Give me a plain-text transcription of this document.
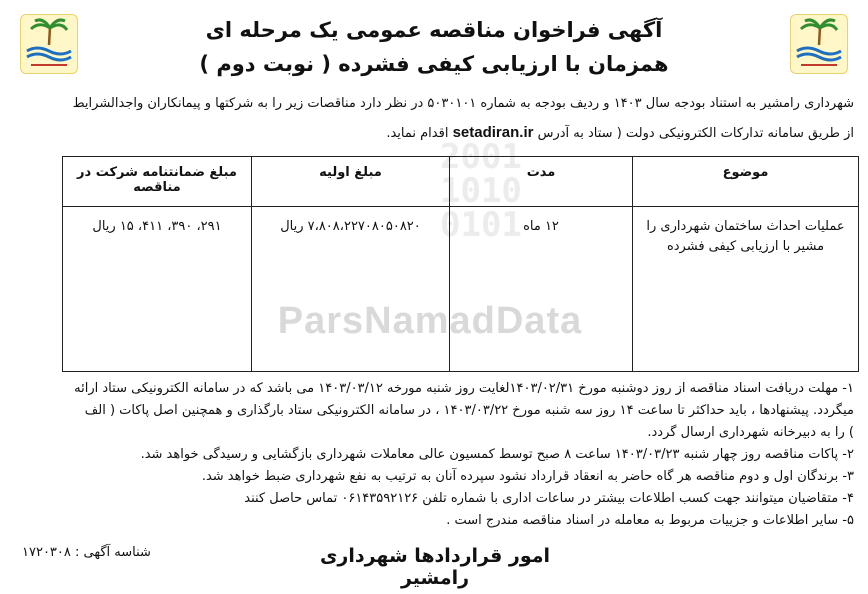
2001
1010
0101
ParsNamadData
آگهی فراخوان مناقصه عمومی یک مرحله ای
همزمان با ارزیابی کیفی فشرده ( نوبت دوم )
شهرداری رامشیر به استناد بودجه سال ۱۴۰۳ و ردیف بودجه به شماره ۵۰۳۰۱۰۱ در نظر دارد مناقصات زیر را به شرکتها و پیمانکاران واجدالشرایط
از طریق سامانه تدارکات الکترونیکی دولت ( ستاد به آدرس setadiran.ir اقدام نماید.
موضوع	مدت	مبلغ اولیه	مبلغ ضمانتنامه شرکت در مناقصه
عملیات احداث ساختمان شهرداری را مشیر با ارزیابی کیفی فشرده	۱۲ ماه	۷،۸۰۸،۲۲۷۰۸۰۵۰۸۲۰ ریال	۲۹۱، ۳۹۰، ۴۱۱، ۱۵ ریال
۱- مهلت دریافت اسناد مناقصه از روز دوشنبه مورخ ۱۴۰۳/۰۲/۳۱لغایت روز شنبه مورخه ۱۴۰۳/۰۳/۱۲ می باشد که در سامانه الکترونیکی ستاد ارائه
میگردد. پیشنهادها ، باید حداکثر تا ساعت ۱۴ روز سه شنبه مورخ ۱۴۰۳/۰۳/۲۲ ، در سامانه الکترونیکی ستاد بارگذاری و همچنین اصل پاکات ( الف
) را به دبیرخانه شهرداری ارسال گردد.
۲- پاکات مناقصه روز چهار شنبه ۱۴۰۳/۰۳/۲۳ ساعت ۸ صبح توسط کمسیون عالی معاملات شهرداری بازگشایی و رسیدگی خواهد شد.
۳- برندگان اول و دوم مناقصه هر گاه حاضر به انعقاد قرارداد نشود سپرده آنان به ترتیب به نفع شهرداری ضبط خواهد شد.
۴- متقاضیان میتوانند جهت کسب اطلاعات بیشتر در ساعات اداری با شماره تلفن ۰۶۱۴۳۵۹۲۱۲۶ تماس حاصل کنند
۵- سایر اطلاعات و جزییات مربوط به معامله در اسناد مناقصه مندرج است .
امور قراردادها شهرداری رامشیر
شناسه آگهی : ۱۷۲۰۳۰۸
